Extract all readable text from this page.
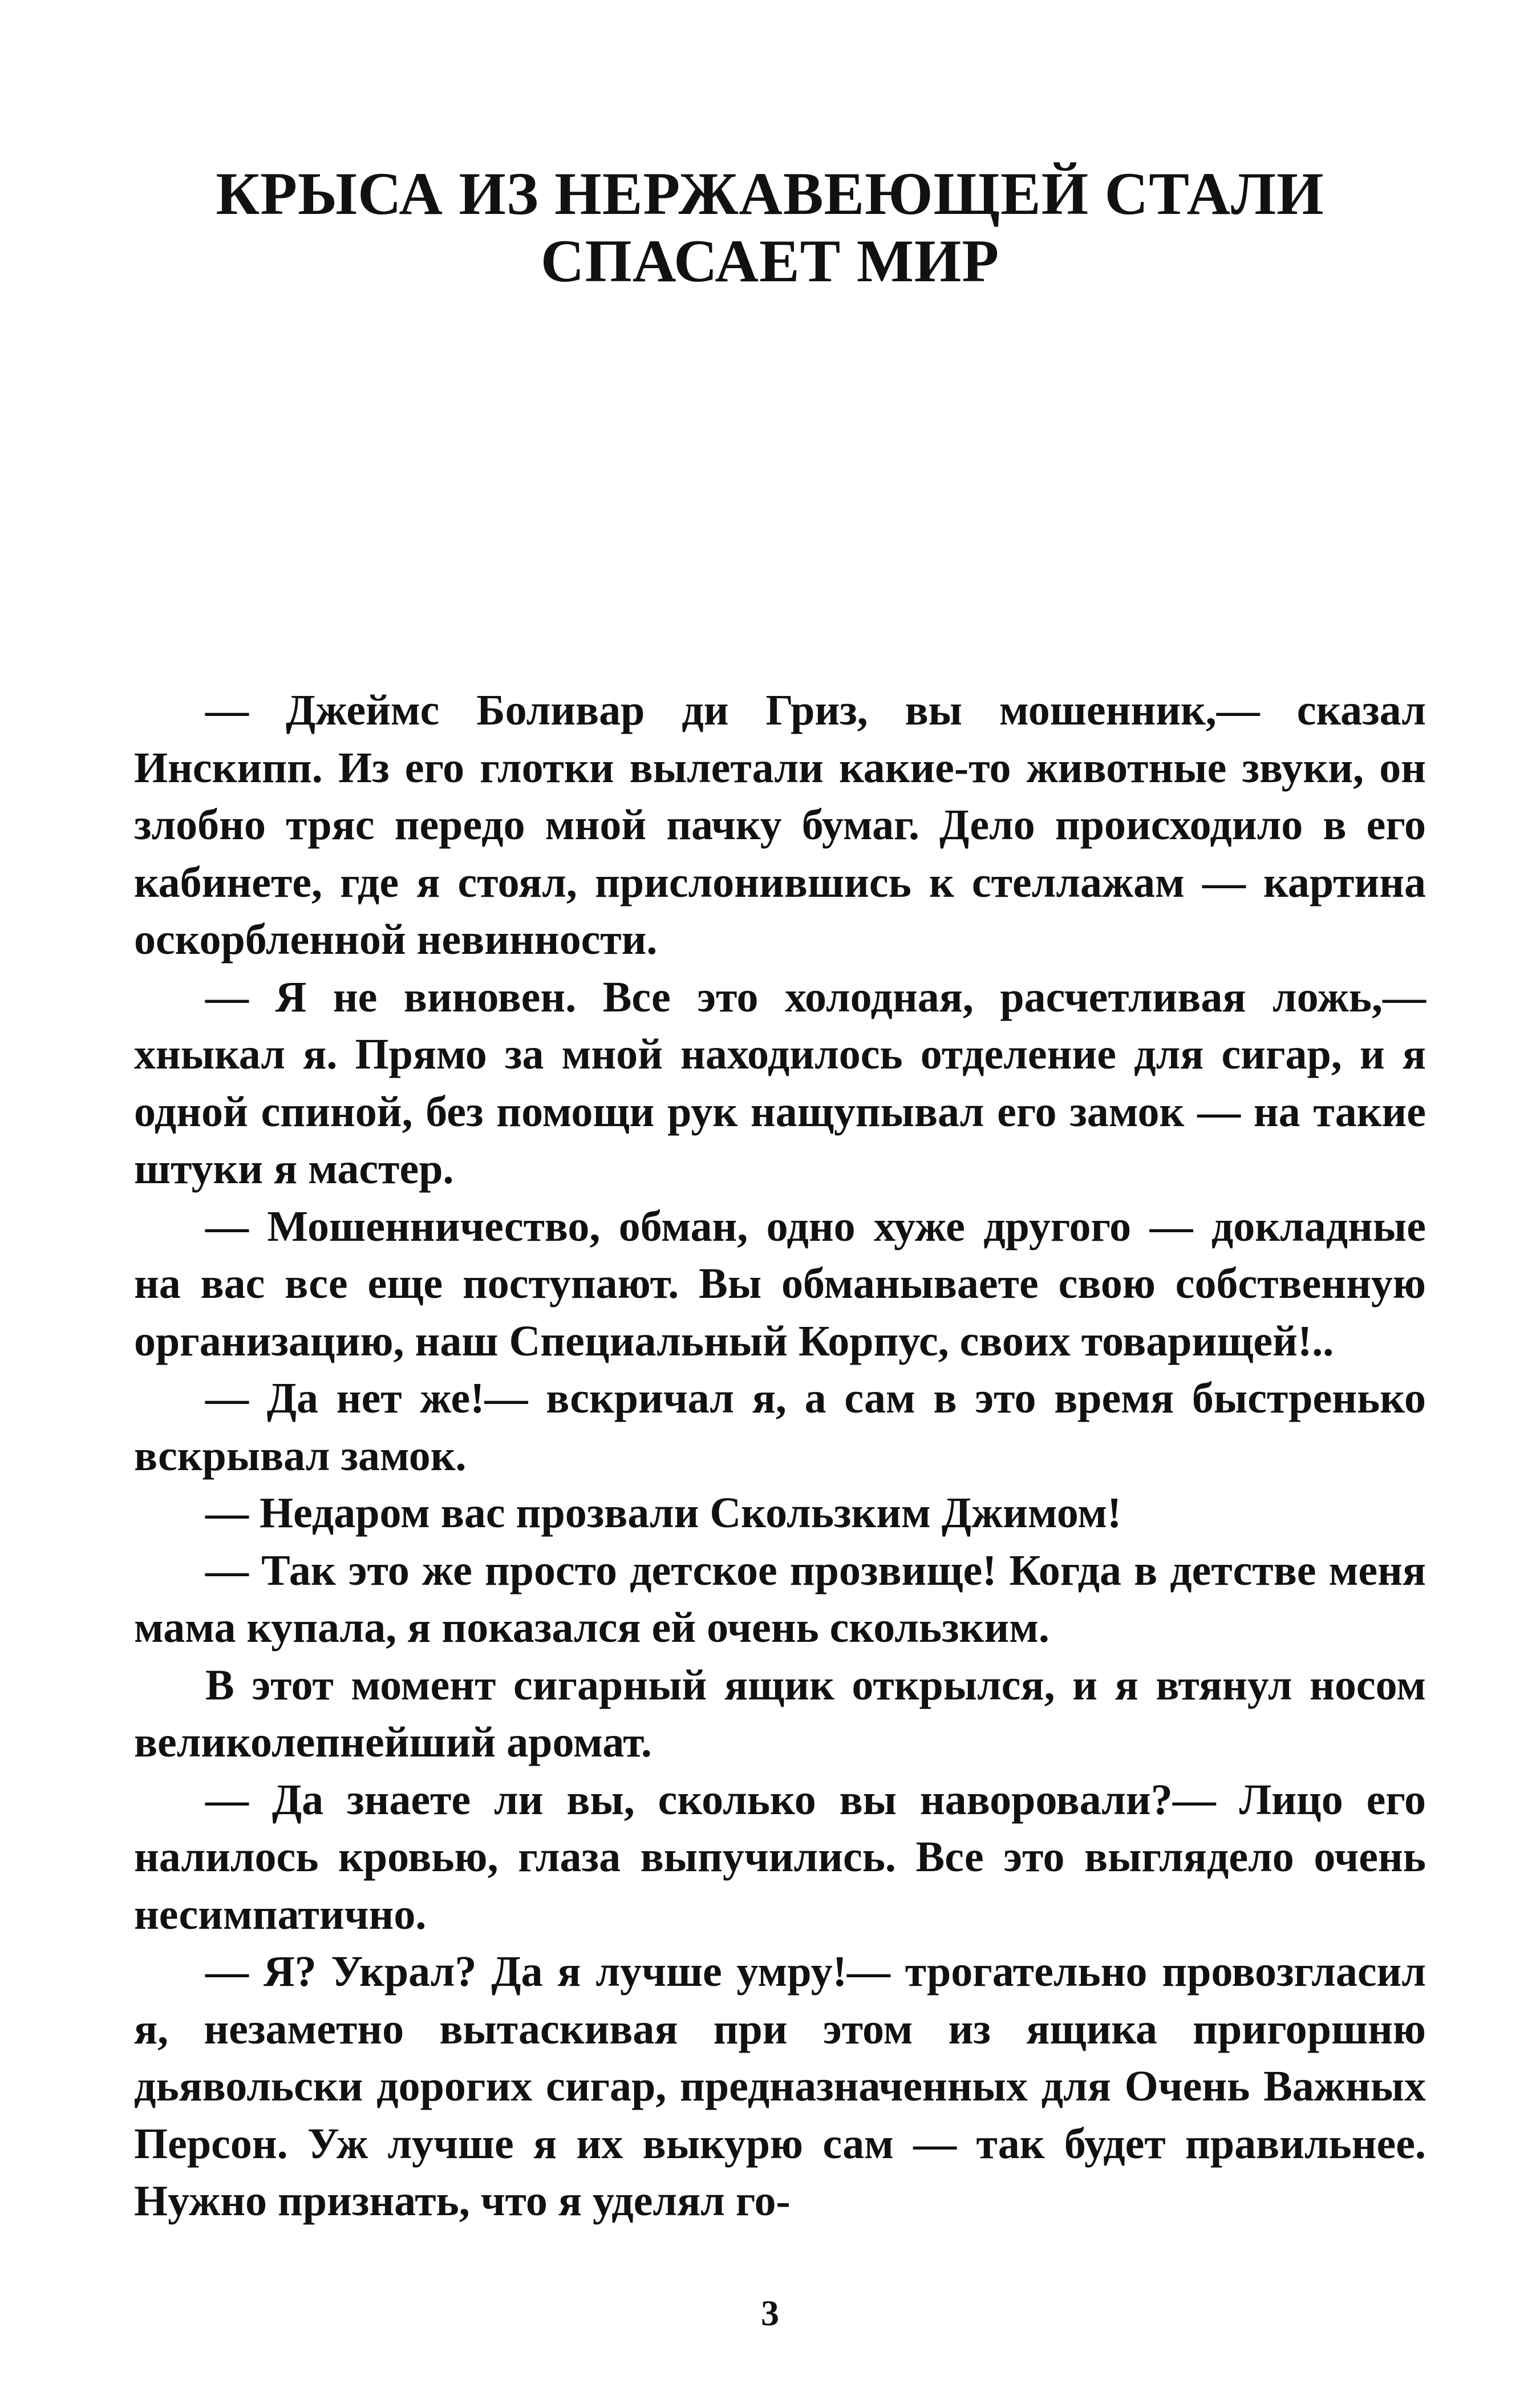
КРЫСА ИЗ НЕРЖАВЕЮЩЕЙ СТАЛИ
СПАСАЕТ МИР

— Джеймс Боливар ди Гриз, вы мошенник,— сказал Инскипп. Из его глотки вылетали какие-то животные звуки, он злобно тряс передо мной пачку бумаг. Дело происходило в его кабинете, где я стоял, прислонившись к стеллажам — картина оскорбленной невинности.

— Я не виновен. Все это холодная, расчетливая ложь,— хныкал я. Прямо за мной находилось отделение для сигар, и я одной спиной, без помощи рук нащупывал его замок — на такие штуки я мастер.

— Мошенничество, обман, одно хуже другого — докладные на вас все еще поступают. Вы обманываете свою собственную организацию, наш Специальный Корпус, своих товарищей!..

— Да нет же!— вскричал я, а сам в это время быстренько вскрывал замок.

— Недаром вас прозвали Скользким Джимом!

— Так это же просто детское прозвище! Когда в детстве меня мама купала, я показался ей очень скользким.

В этот момент сигарный ящик открылся, и я втянул носом великолепнейший аромат.

— Да знаете ли вы, сколько вы наворовали?— Лицо его налилось кровью, глаза выпучились. Все это выглядело очень несимпатично.

— Я? Украл? Да я лучше умру!— трогательно провозгласил я, незаметно вытаскивая при этом из ящика пригоршню дьявольски дорогих сигар, предназначенных для Очень Важных Персон. Уж лучше я их выкурю сам — так будет правильнее. Нужно признать, что я уделял го-

3
